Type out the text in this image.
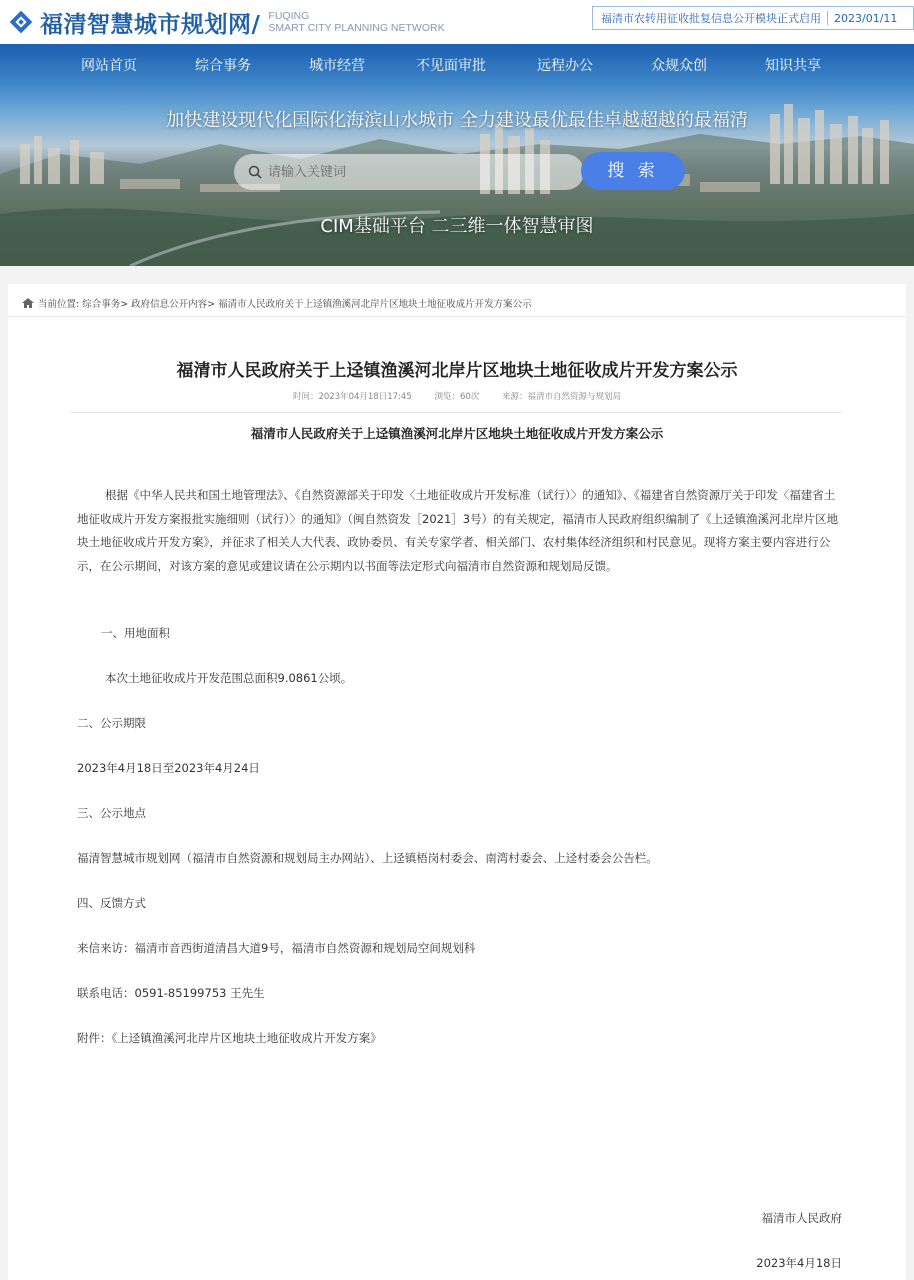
福清智慧城市规划网/ FUQING
SMART CITY PLANNING NETWORK
福清市农转用征收批复信息公开模块正式启用 2023/01/11
网站首页	综合事务	城市经营	不见面审批	远程办公	众规众创	知识共享
加快建设现代化国际化海滨山水城市 全力建设最优最佳卓越超越的最福清
请输入关键词
搜 索
CIM基础平台 二三维一体智慧审图
当前位置: 综合事务> 政府信息公开内容> 福清市人民政府关于上迳镇渔溪河北岸片区地块土地征收成片开发方案公示
福清市人民政府关于上迳镇渔溪河北岸片区地块土地征收成片开发方案公示
时间：2023年04月18日17:45	浏览：60次	来源：福清市自然资源与规划局
福清市人民政府关于上迳镇渔溪河北岸片区地块土地征收成片开发方案公示
根据《中华人民共和国土地管理法》、《自然资源部关于印发〈土地征收成片开发标准（试行）〉的通知》、《福建省自然资源厅关于印发〈福建省土地征收成片开发方案报批实施细则（试行）〉的通知》（闽自然资发［2021］3号）的有关规定，福清市人民政府组织编制了《上迳镇渔溪河北岸片区地块土地征收成片开发方案》，并征求了相关人大代表、政协委员、有关专家学者、相关部门、农村集体经济组织和村民意见。现将方案主要内容进行公示，在公示期间，对该方案的意见或建议请在公示期内以书面等法定形式向福清市自然资源和规划局反馈。
一、用地面积
本次土地征收成片开发范围总面积9.0861公顷。
二、公示期限
2023年4月18日至2023年4月24日
三、公示地点
福清智慧城市规划网（福清市自然资源和规划局主办网站）、上迳镇梧岗村委会、南湾村委会、上迳村委会公告栏。
四、反馈方式
来信来访：福清市音西街道清昌大道9号，福清市自然资源和规划局空间规划科
联系电话：0591-85199753 王先生
附件：《上迳镇渔溪河北岸片区地块土地征收成片开发方案》
福清市人民政府
2023年4月18日
